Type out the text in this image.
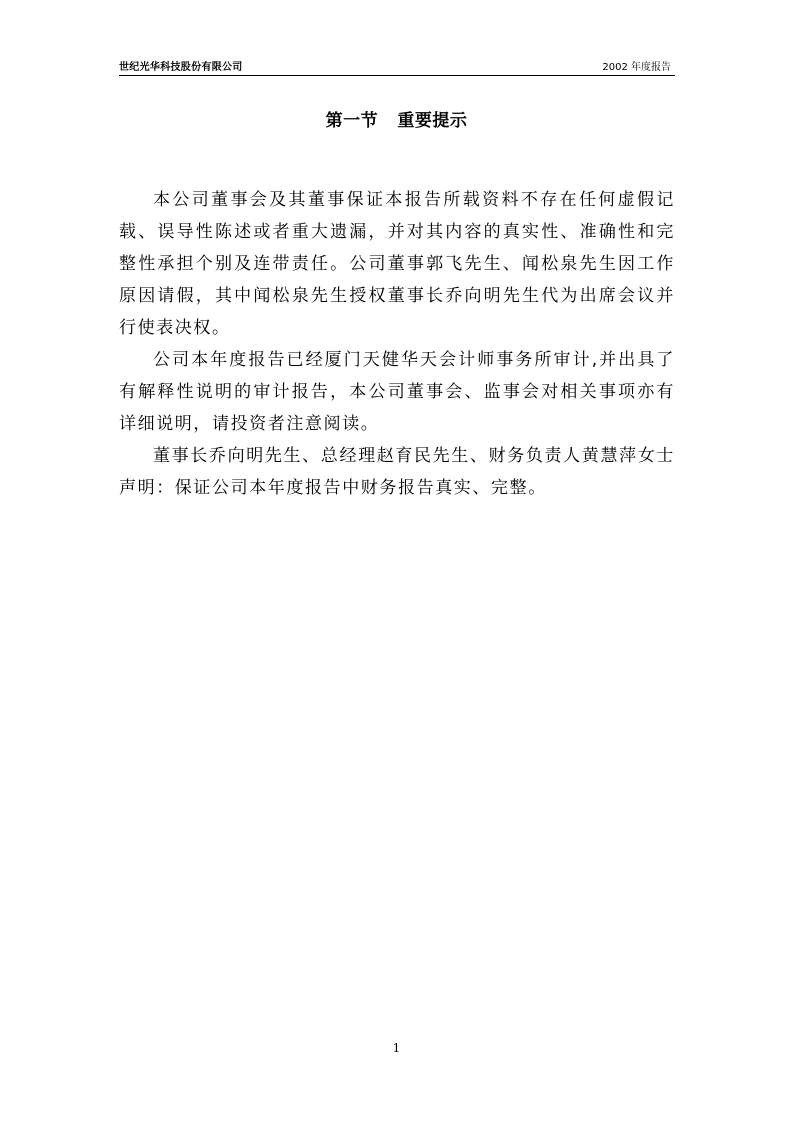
世纪光华科技股份有限公司	2002 年度报告
第一节   重要提示

本公司董事会及其董事保证本报告所载资料不存在任何虚假记载、误导性陈述或者重大遗漏，并对其内容的真实性、准确性和完整性承担个别及连带责任。公司董事郭飞先生、闻松泉先生因工作原因请假，其中闻松泉先生授权董事长乔向明先生代为出席会议并行使表决权。

公司本年度报告已经厦门天健华天会计师事务所审计,并出具了有解释性说明的审计报告，本公司董事会、监事会对相关事项亦有详细说明，请投资者注意阅读。

董事长乔向明先生、总经理赵育民先生、财务负责人黄慧萍女士声明：保证公司本年度报告中财务报告真实、完整。

1
